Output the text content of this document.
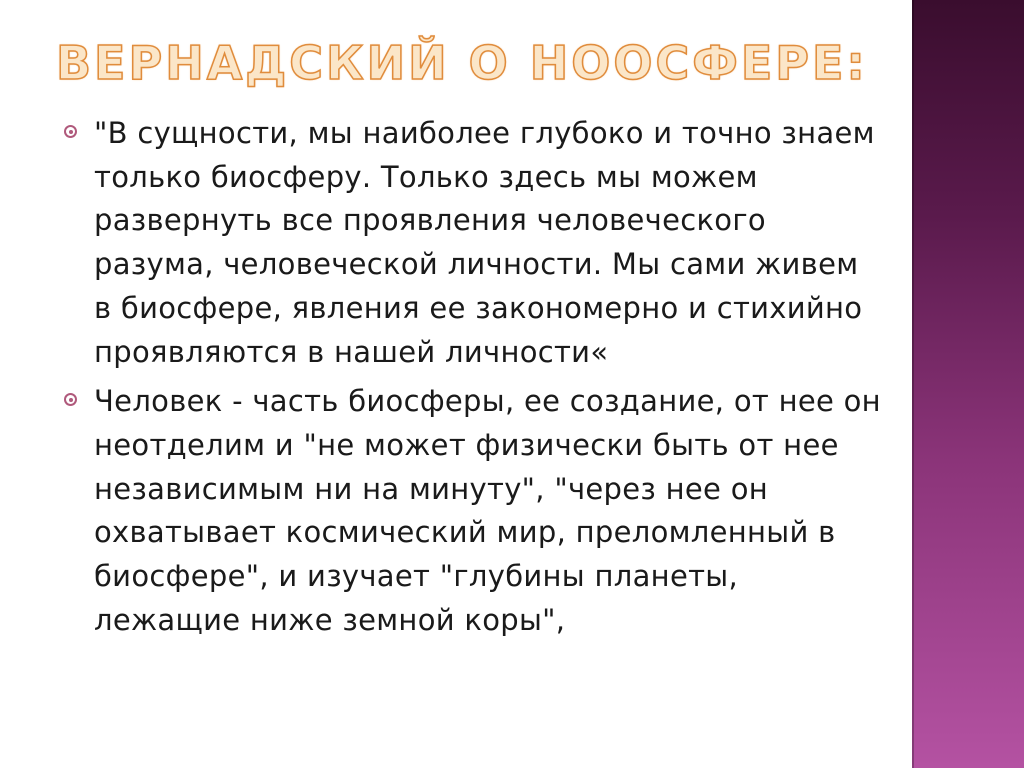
ВЕРНАДСКИЙ О НООСФЕРЕ:

"В сущности, мы наиболее глубоко и точно знаем только биосферу. Только здесь мы можем развернуть все проявления человеческого разума, человеческой личности. Мы сами живем в биосфере, явления ее закономерно и стихийно проявляются в нашей личности«

Человек - часть биосферы, ее создание, от нее он неотделим и "не может физически быть от нее независимым ни на минуту", "через нее он охватывает космический мир, преломленный в биосфере", и изучает "глубины планеты, лежащие ниже земной коры",
